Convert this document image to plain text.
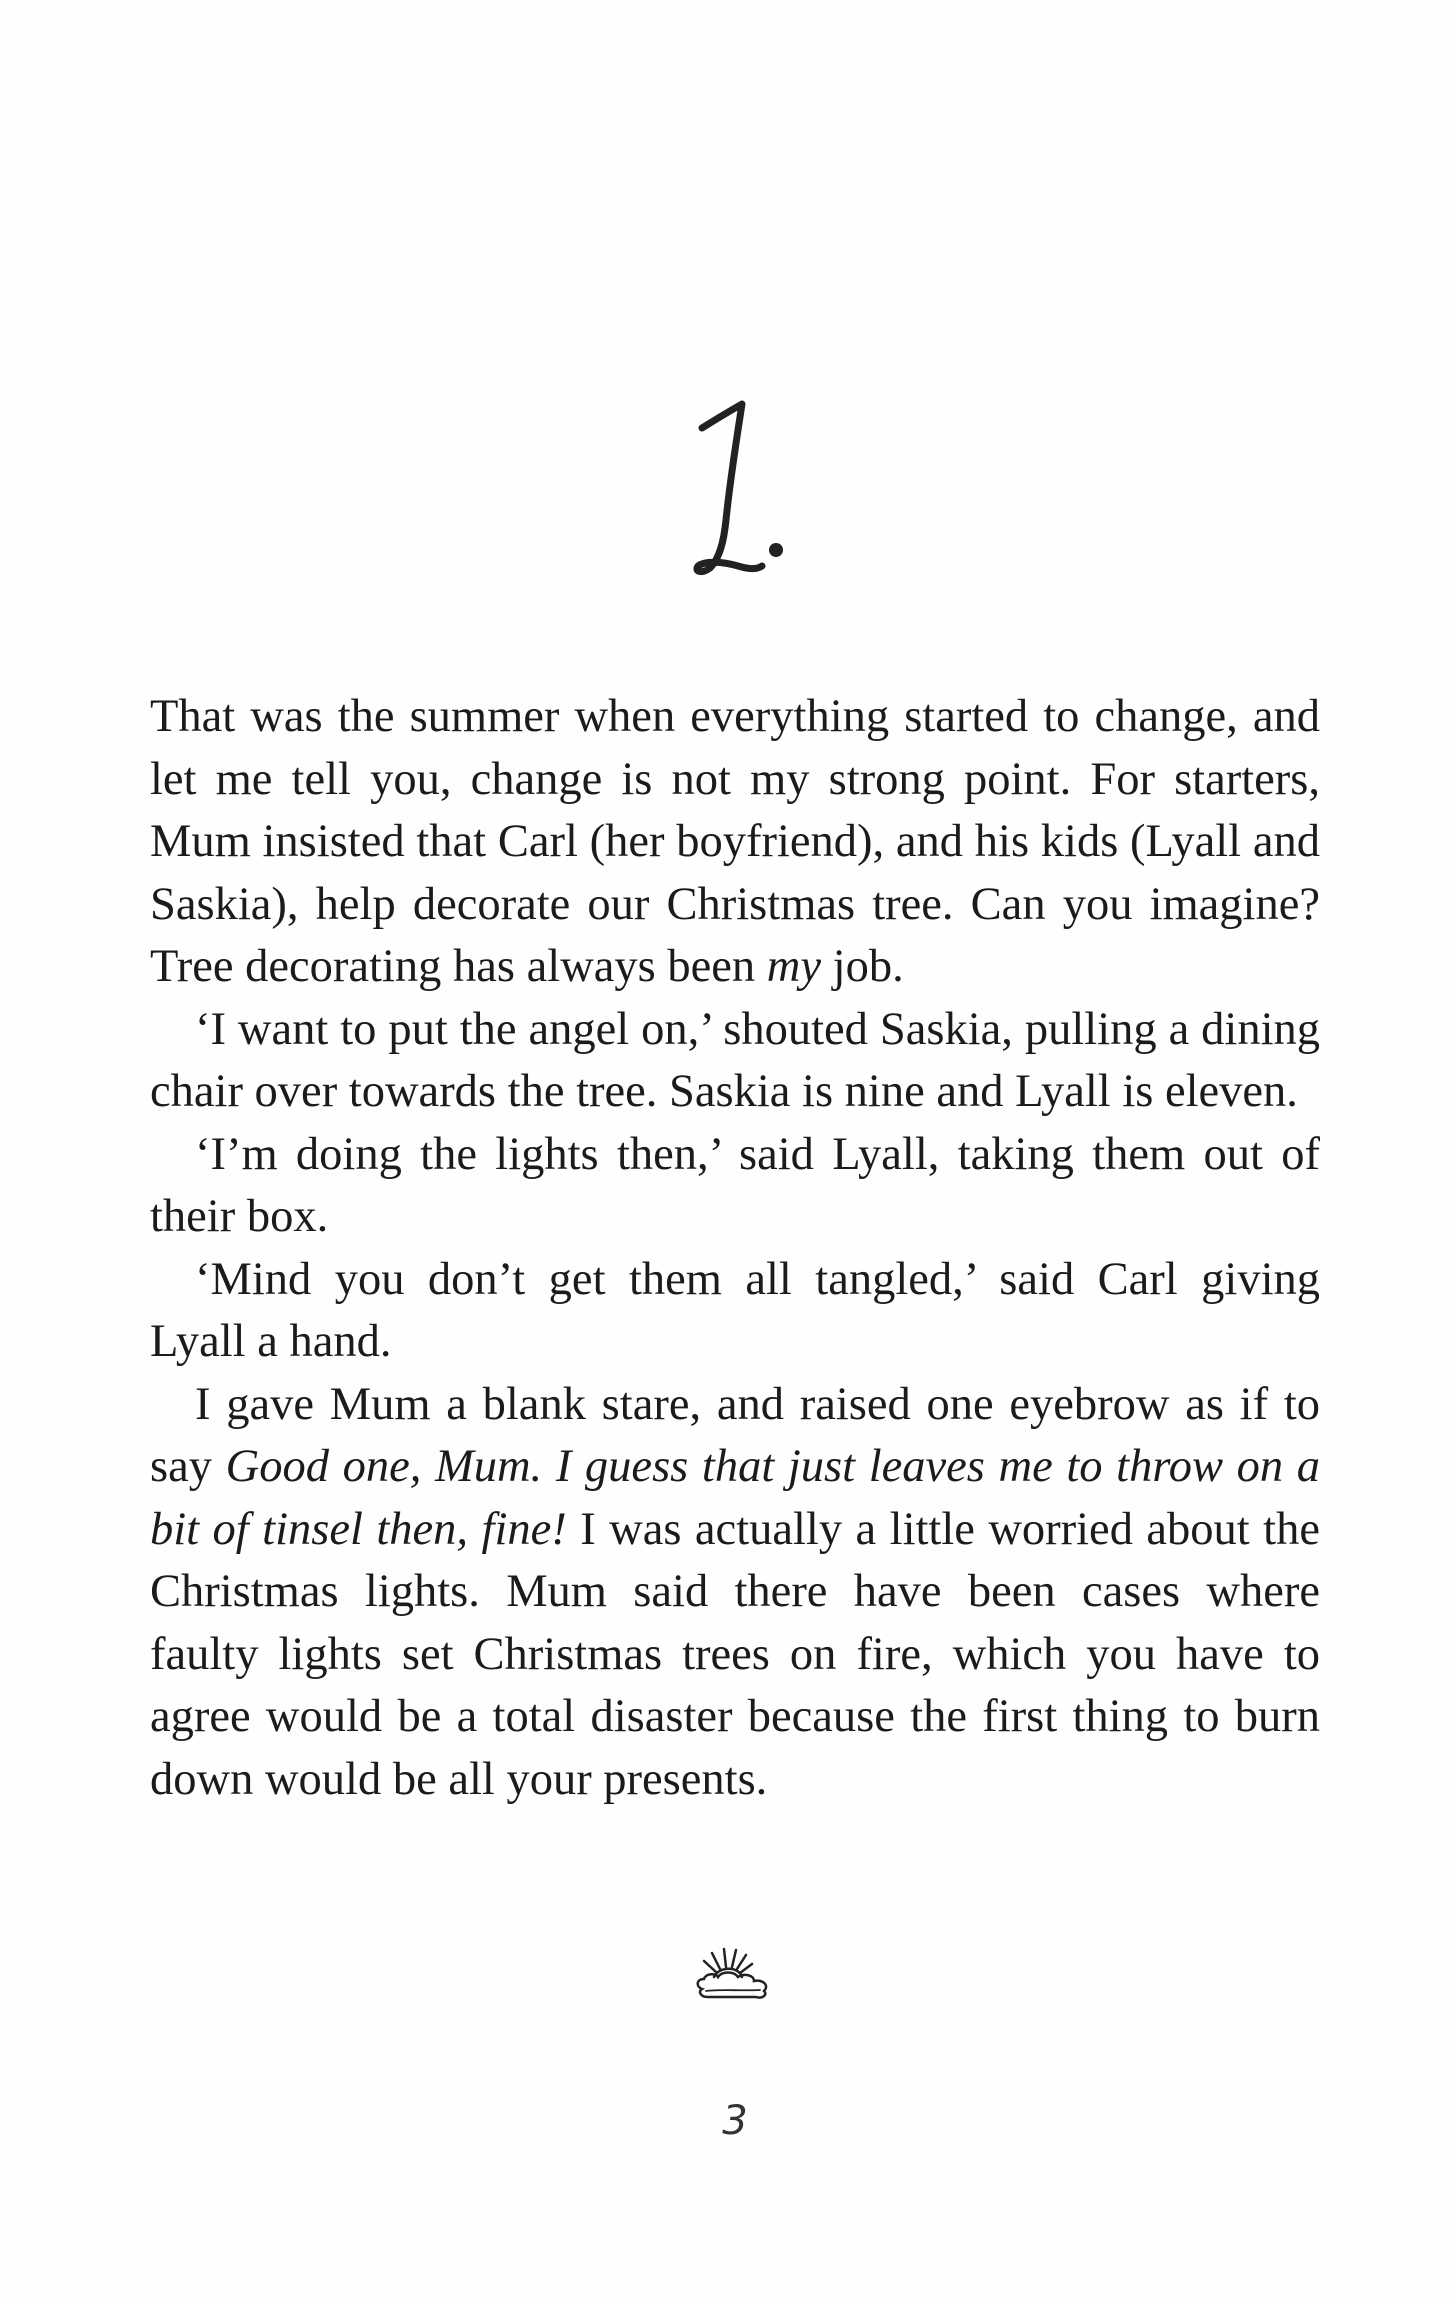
That was the summer when everything started to change, and let me tell you, change is not my strong point. For starters, Mum insisted that Carl (her boyfriend), and his kids (Lyall and Saskia), help decorate our Christmas tree. Can you imagine? Tree decorating has always been my job.

‘I want to put the angel on,’ shouted Saskia, pulling a dining chair over towards the tree. Saskia is nine and Lyall is eleven.

‘I’m doing the lights then,’ said Lyall, taking them out of their box.

‘Mind you don’t get them all tangled,’ said Carl giving Lyall a hand.

I gave Mum a blank stare, and raised one eyebrow as if to say Good one, Mum. I guess that just leaves me to throw on a bit of tinsel then, fine! I was actually a little worried about the Christmas lights. Mum said there have been cases where faulty lights set Christmas trees on fire, which you have to agree would be a total disaster because the first thing to burn down would be all your presents.

3
